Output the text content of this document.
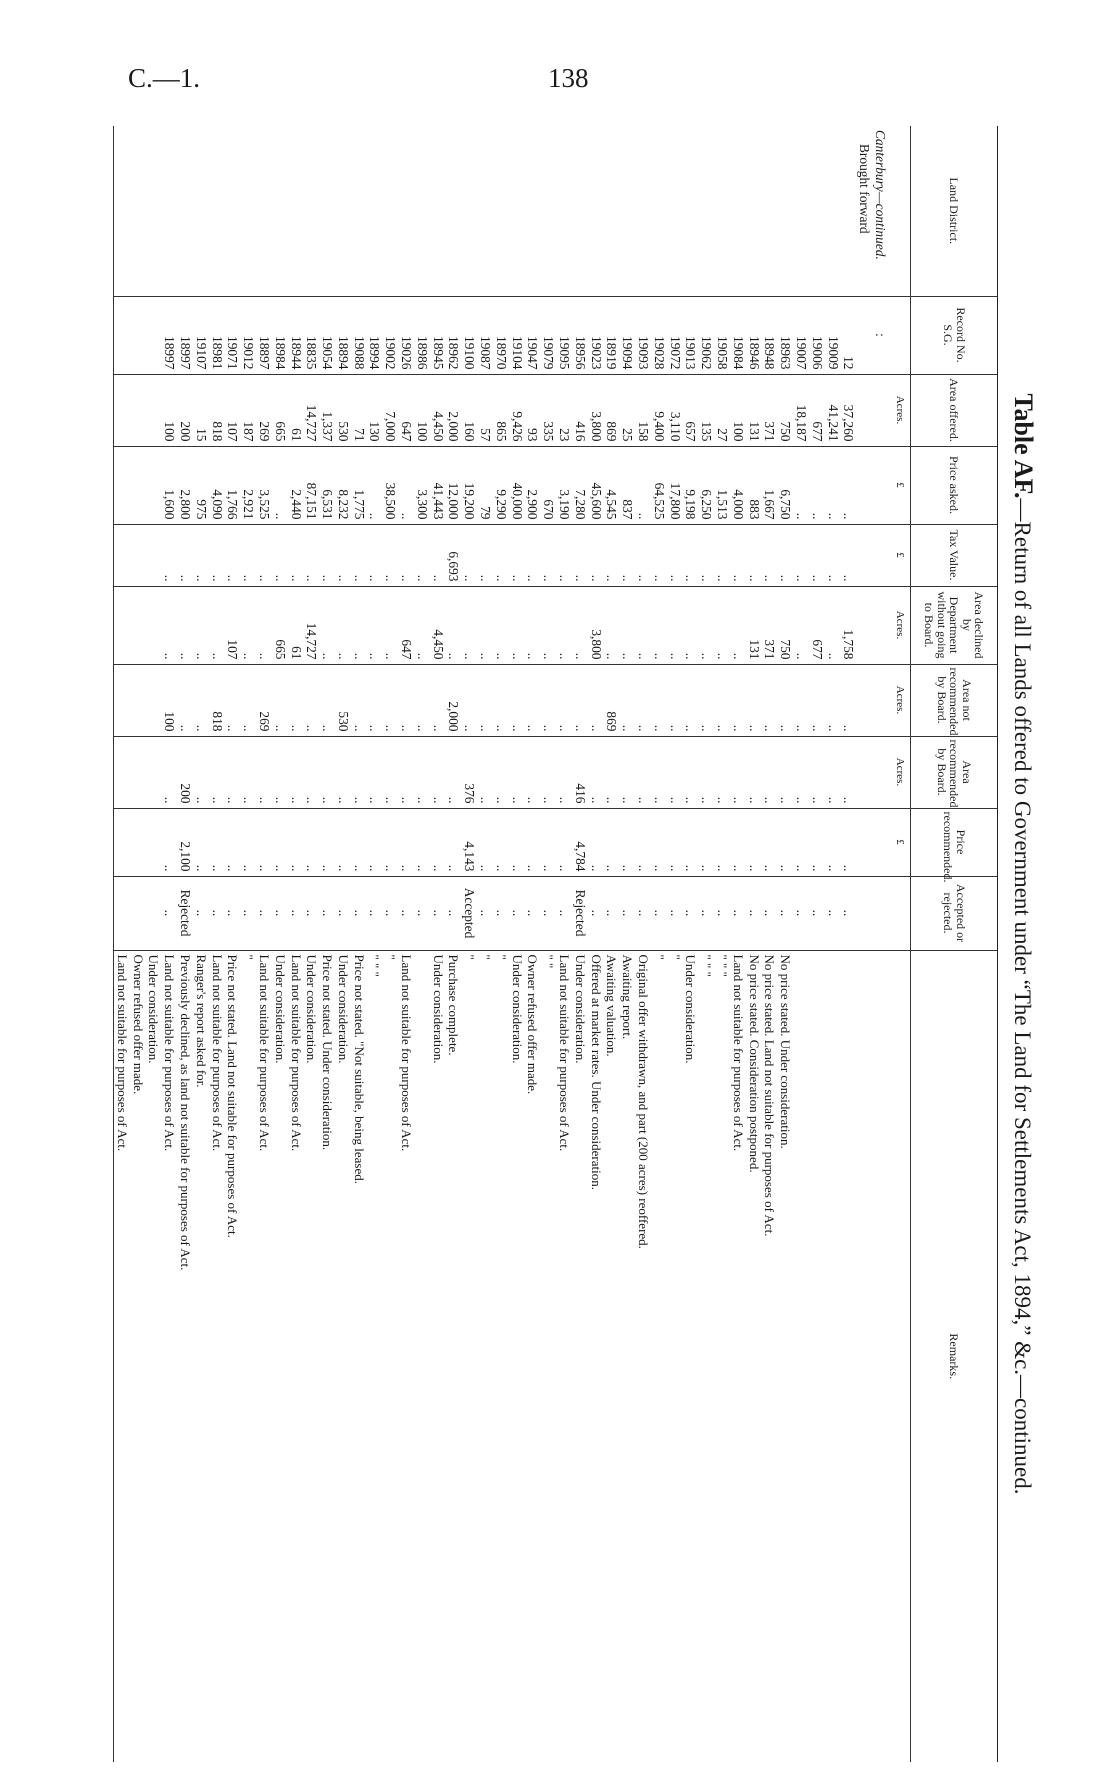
C.—1.	138
Table AF.—Return of all Lands offered to Government under “The Land for Settlements Act, 1894,” &c.—continued.
Land District.	Record No. S.G.	Area offered.	Price asked.	Tax Value.	Area declined by Department without going to Board.	Area not recommended by Board.	Area recommended by Board.	Price recommended.	Accepted or rejected.	Remarks.
		Acres.	£	£	Acres.	Acres.	Acres.	£		
Canterbury—continued.	:									
Brought forward										
	12	37,260	..	..	1,758	..	..	..	..	
	19009	41,241	..	..	..	..	..	..	..	
	19006	677	..	..	677	..	..	..	..	
	19007	18,187	..	..	..	..	..	..	..	
	18963	750	6,750	..	750	..	..	..	..	No price stated. Under consideration.
	18948	371	1,667	..	371	..	..	..	..	No price stated. Land not suitable for purposes of Act.
	18946	131	883	..	131	..	..	..	..	No price stated. Consideration postponed.
	19084	100	4,000	..	..	..	..	..	..	Land not suitable for purposes of Act.
	19058	27	1,513	..	..	..	..	..	..	" " "
	19062	135	6,250	..	..	..	..	..	..	" " "
	19013	657	9,198	..	..	..	..	..	..	Under consideration.
	19072	3,110	17,800	..	..	..	..	..	..	"
	19028	9,400	64,525	..	..	..	..	..	..	"
	19093	158	..	..	..	..	..	..	..	Original offer withdrawn, and part (200 acres) reoffered.
	19094	25	837	..	..	..	..	..	..	Awaiting report.
	18919	869	4,545	..	..	869	..	..	..	Awaiting valuation.
	19023	3,800	45,600	..	3,800	..	..	..	..	Offered at market rates. Under consideration.
	18956	416	7,280	..	..	..	416	4,784	Rejected	Under consideration.
	19095	23	3,190	..	..	..	..	..	..	Land not suitable for purposes of Act.
	19079	335	670	..	..	..	..	..	..	" "
	19047	93	2,900	..	..	..	..	..	..	Owner refused offer made.
	19104	9,426	40,000	..	..	..	..	..	..	Under consideration.
	18970	865	9,290	..	..	..	..	..	..	"
	19087	57	79	..	..	..	..	..	..	"
	19100	160	19,200	..	..	..	376	4,143	Accepted	"
	18962	2,000	12,000	6,693	..	2,000	..	..	..	Purchase complete.
	18945	4,450	41,443	..	4,450	..	..	..	..	Under consideration.
	18986	100	3,300	..	..	..	..	..	..	
	19026	647	..	..	647	..	..	..	..	Land not suitable for purposes of Act.
	19002	7,000	38,500	..	..	..	..	..	..	"
	18994	130	..	..	..	..	..	..	..	" " "
	19088	71	1,775	..	..	..	..	..	..	Price not stated. "Not suitable, being leased.
	18894	530	8,232	..	..	530	..	..	..	Under consideration.
	19054	1,337	6,531	..	..	..	..	..	..	Price not stated. Under consideration.
	18835	14,727	87,151	..	14,727	..	..	..	..	Under consideration.
	18944	61	2,440	..	61	..	..	..	..	Land not suitable for purposes of Act.
	18984	665	..	..	665	..	..	..	..	Under consideration.
	18897	269	3,525	..	..	269	..	..	..	Land not suitable for purposes of Act.
	19012	187	2,921	..	..	..	..	..	..	"
	19071	107	1,766	..	107	..	..	..	..	Price not stated. Land not suitable for purposes of Act.
	18981	818	4,090	..	..	818	..	..	..	Land not suitable for purposes of Act.
	19107	15	975	..	..	..	..	..	..	Ranger's report asked for.
	18997	200	2,800	..	..	..	200	2,100	Rejected	Previously declined, as land not suitable for purposes of Act.
	18997	100	1,600	..	..	100	..	..	..	Land not suitable for purposes of Act.
										Under consideration.
										Owner refused offer made.
										Land not suitable for purposes of Act.
